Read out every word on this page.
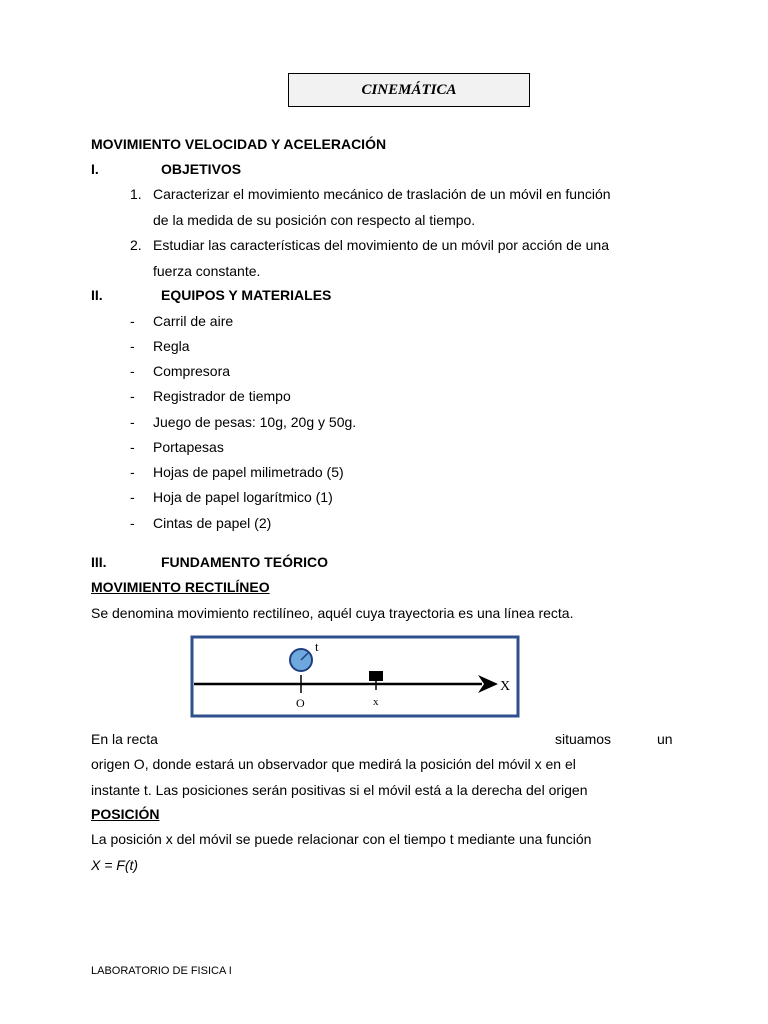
CINEMÁTICA
MOVIMIENTO VELOCIDAD Y ACELERACIÓN
I.	OBJETIVOS
1. Caracterizar el movimiento mecánico de traslación de un móvil en función
de la medida de su posición con respecto al tiempo.
2. Estudiar las características del movimiento de un móvil por acción de una
fuerza constante.
II.	EQUIPOS Y MATERIALES
- Carril de aire
- Regla
- Compresora
- Registrador de tiempo
- Juego de pesas: 10g, 20g y 50g.
- Portapesas
- Hojas de papel milimetrado (5)
- Hoja de papel logarítmico (1)
- Cintas de papel (2)
III.	FUNDAMENTO TEÓRICO
MOVIMIENTO RECTILÍNEO
Se denomina movimiento rectilíneo, aquél cuya trayectoria es una línea recta.
t
O	x
X
En la recta	situamos	un
origen O, donde estará un observador que medirá la posición del móvil x en el
instante t. Las posiciones serán positivas si el móvil está a la derecha del origen
POSICIÓN
La posición x del móvil se puede relacionar con el tiempo t mediante una función
X = F(t)
LABORATORIO DE FISICA I
